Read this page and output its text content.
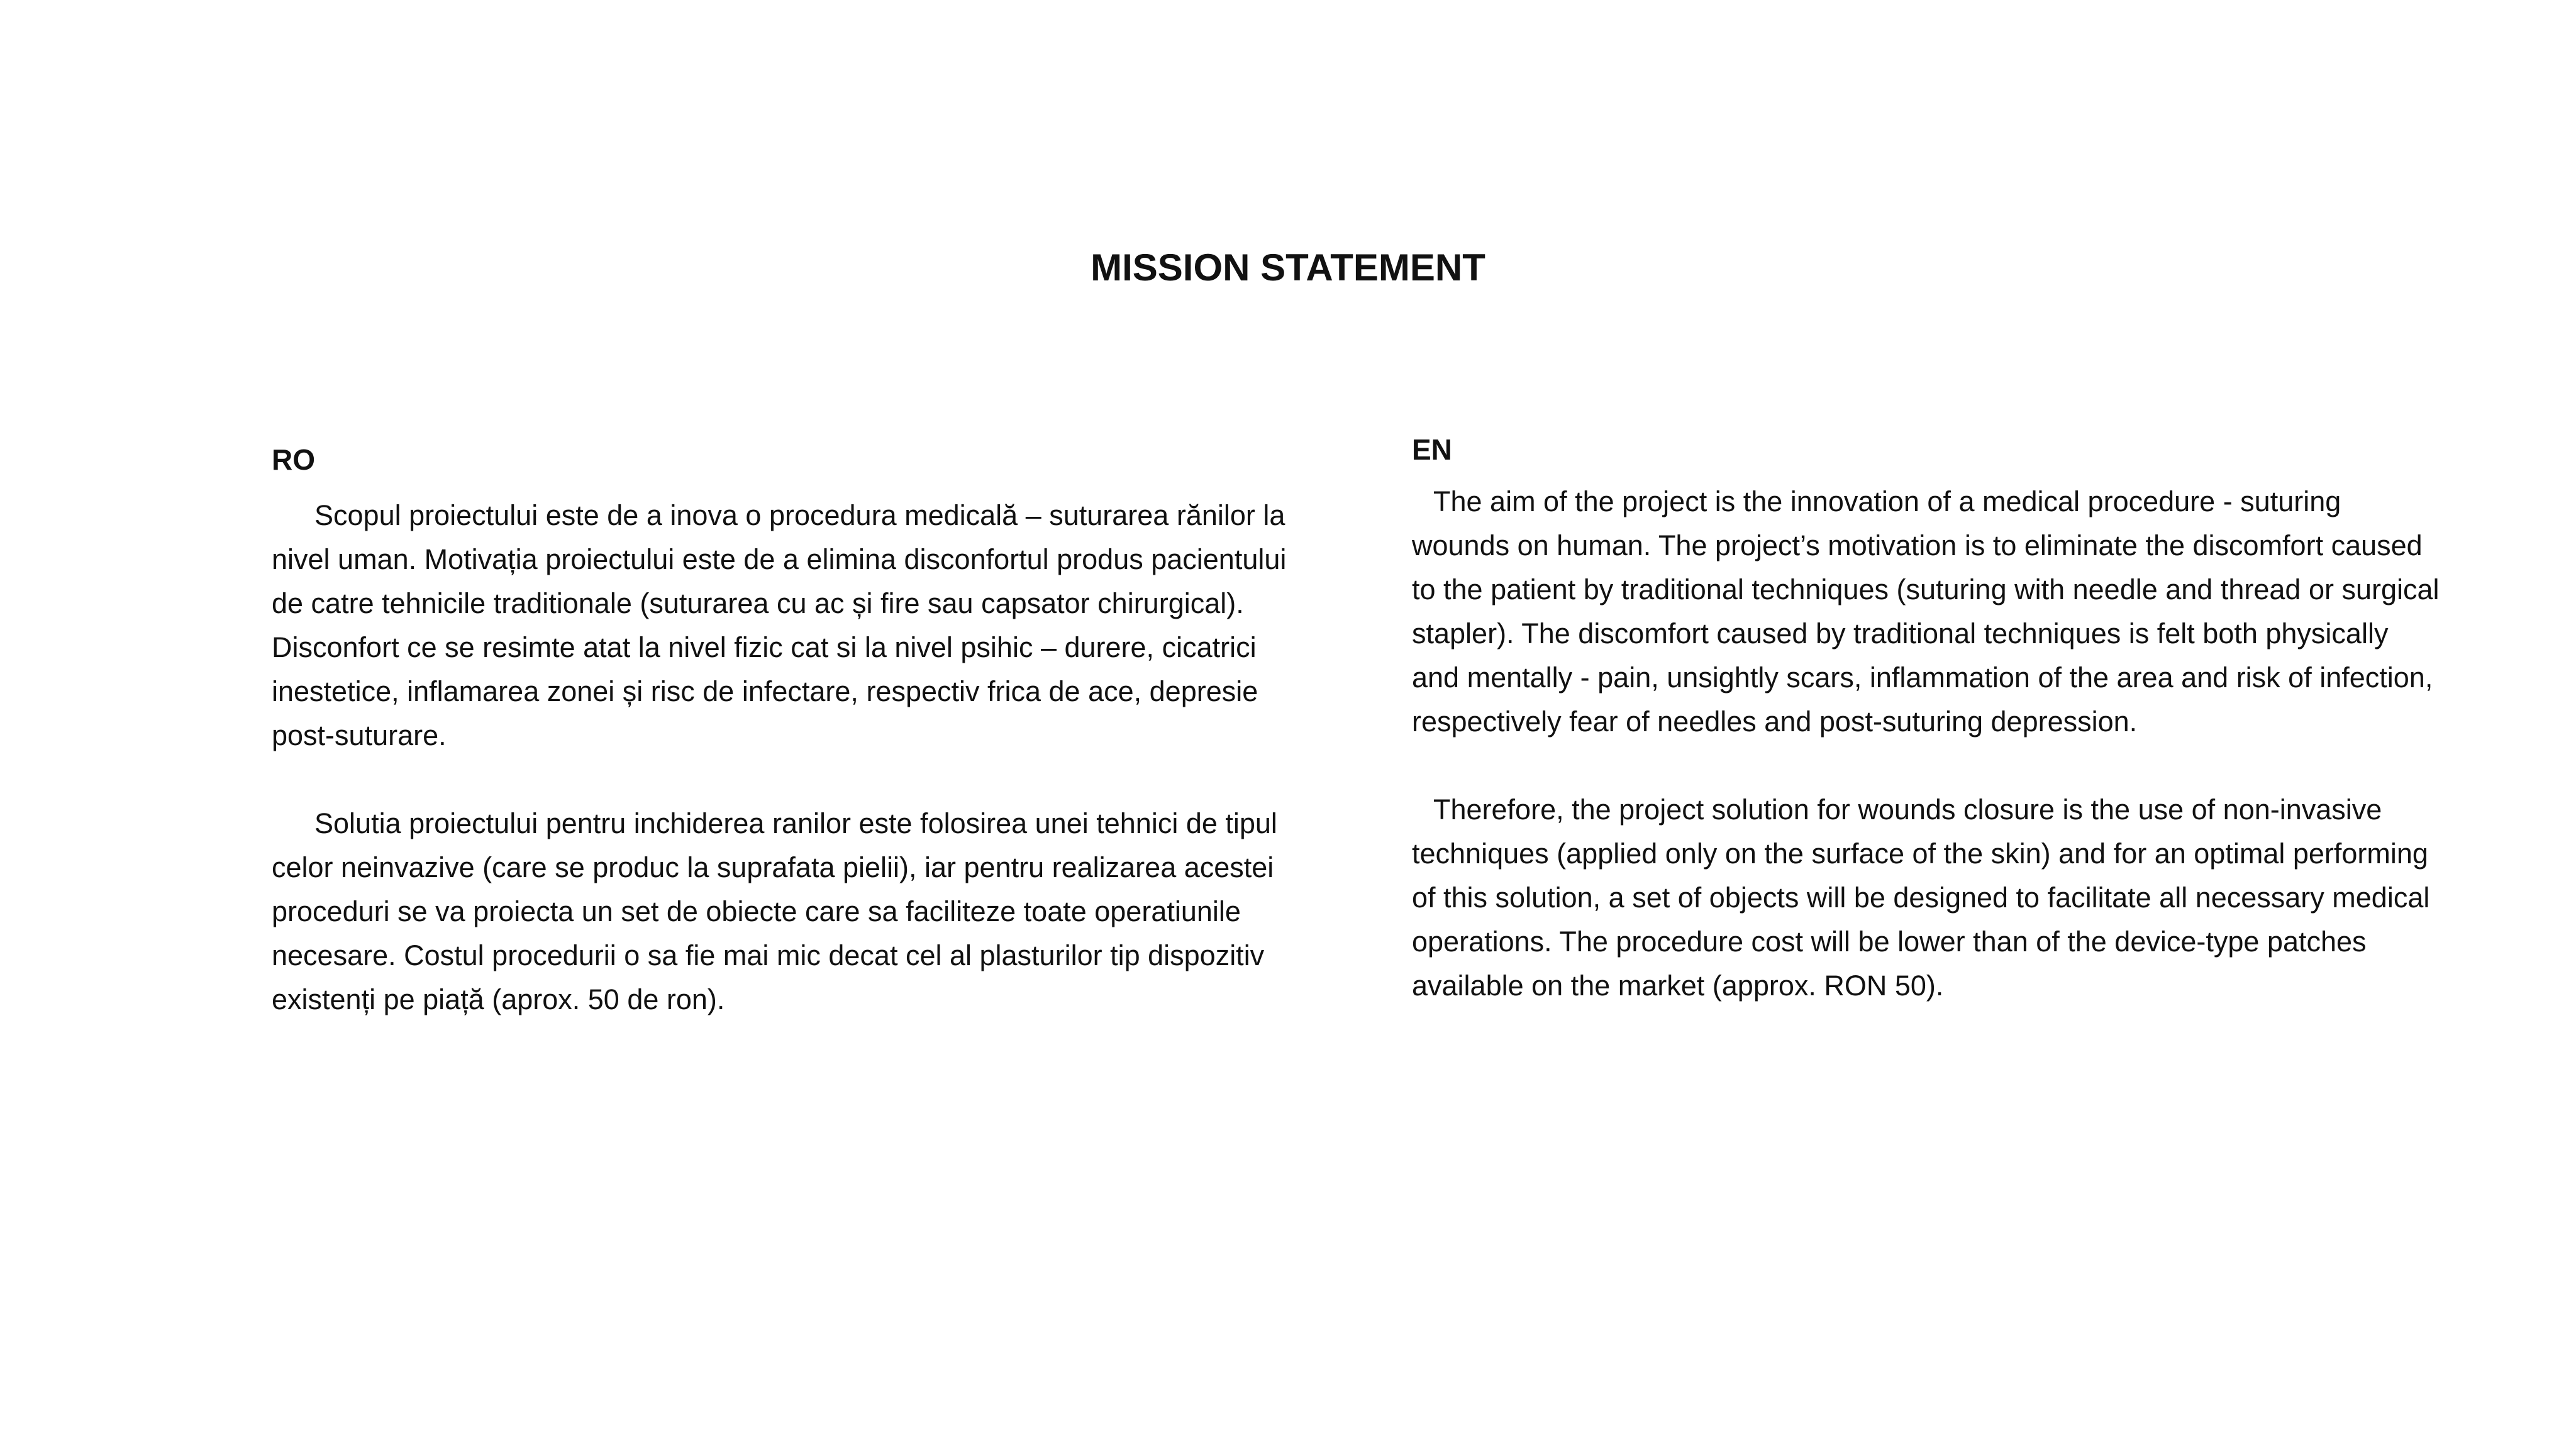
MISSION STATEMENT
RO

Scopul proiectului este de a inova o procedura medicală – suturarea rănilor la nivel uman. Motivația proiectului este de a elimina disconfortul produs pacientului de catre tehnicile traditionale (suturarea cu ac și fire sau capsator chirurgical). Disconfort ce se resimte atat la nivel fizic cat si la nivel psihic – durere, cicatrici inestetice, inflamarea zonei și risc de infectare, respectiv frica de ace, depresie post-suturare.

Solutia proiectului pentru inchiderea ranilor este folosirea unei tehnici de tipul celor neinvazive (care se produc la suprafata pielii), iar pentru realizarea acestei proceduri se va proiecta un set de obiecte care sa faciliteze toate operatiunile necesare. Costul procedurii o sa fie mai mic decat cel al plasturilor tip dispozitiv existenți pe piață (aprox. 50 de ron).

EN

The aim of the project is the innovation of a medical procedure - suturing wounds on human. The project’s motivation is to eliminate the discomfort caused to the patient by traditional techniques (suturing with needle and thread or surgical stapler). The discomfort caused by traditional techniques is felt both physically and mentally - pain, unsightly scars, inflammation of the area and risk of infection, respectively fear of needles and post-suturing depression.

Therefore, the project solution for wounds closure is the use of non-invasive techniques (applied only on the surface of the skin) and for an optimal performing of this solution, a set of objects will be designed to facilitate all necessary medical operations. The procedure cost will be lower than of the device-type patches available on the market (approx. RON 50).
